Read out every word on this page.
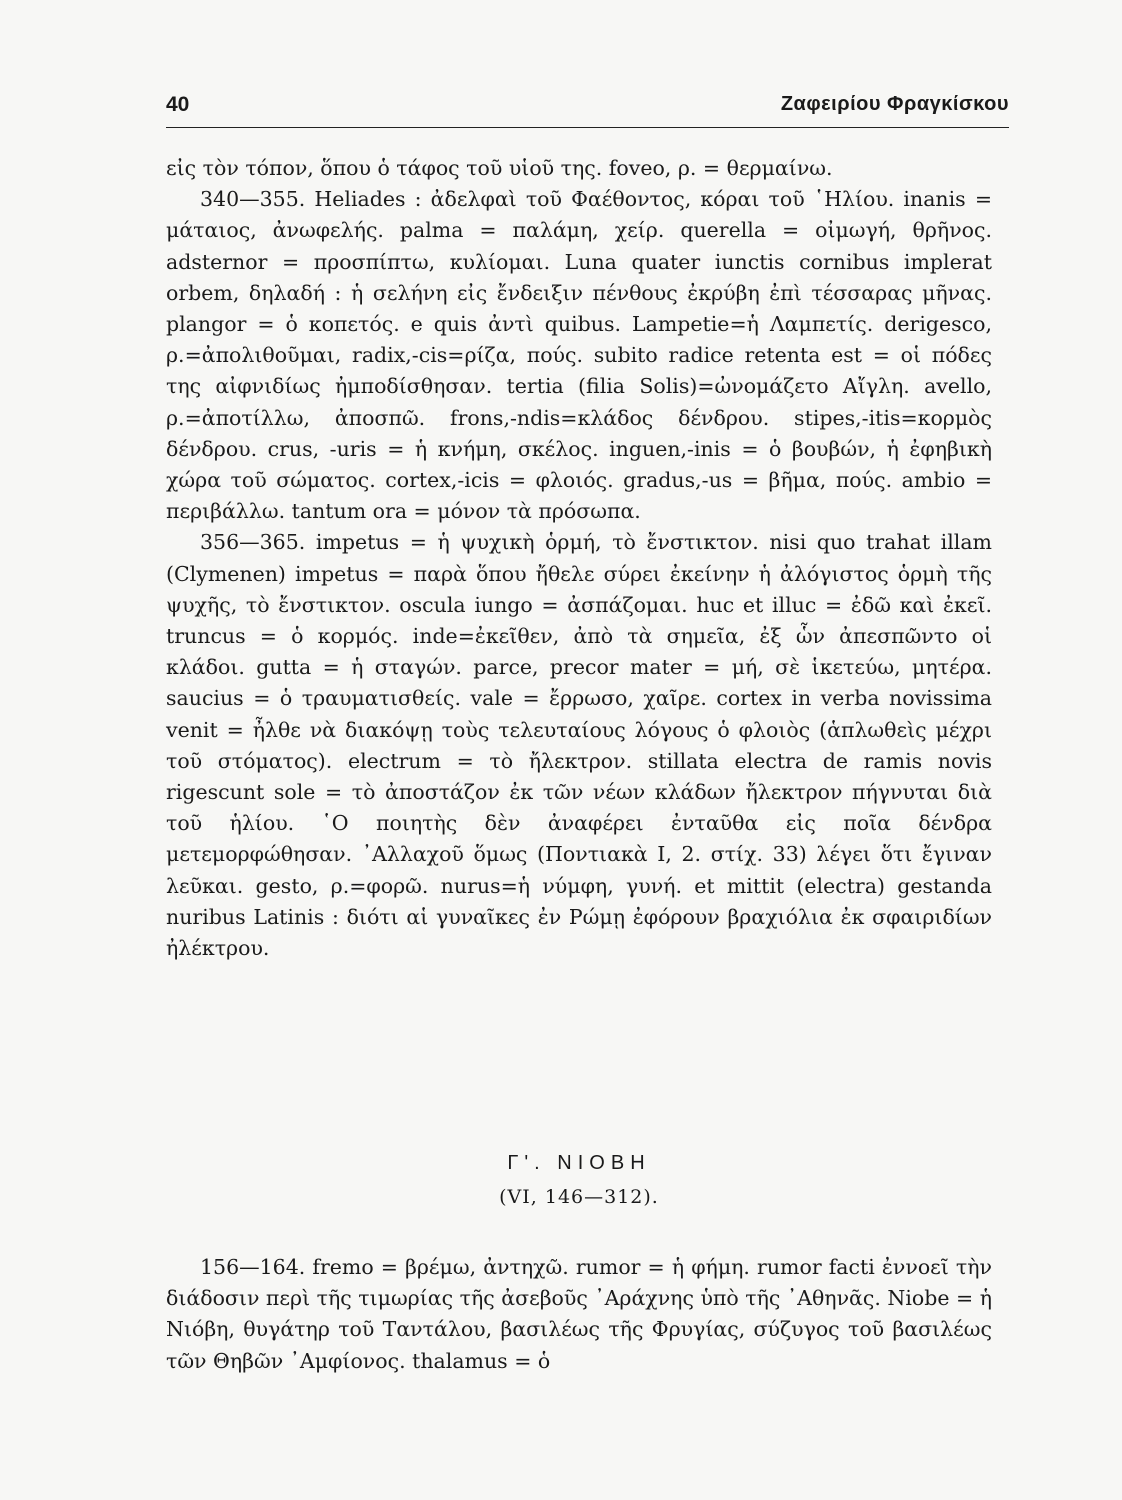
40	Ζαφειρίου Φραγκίσκου

εἰς τὸν τόπον, ὅπου ὁ τάφος τοῦ υἱοῦ της. foveo, ρ. = θερμαίνω.

340—355. Heliades : ἀδελφαὶ τοῦ Φαέθοντος, κόραι τοῦ ῾Ηλίου. inanis = μάταιος, ἀνωφελής. palma = παλάμη, χείρ. querella = οἰμωγή, θρῆνος. adsternor = προσπίπτω, κυλίομαι. Luna quater iunctis cornibus implerat orbem, δηλαδή : ἡ σελήνη εἰς ἔνδειξιν πένθους ἐκρύβη ἐπὶ τέσσαρας μῆνας. plangor = ὁ κοπετός. e quis ἀντὶ quibus. Lampetie=ἡ Λαμπετίς. derigesco, ρ.=ἀπολιθοῦμαι, radix,-cis=ρίζα, πούς. subito radice retenta est = οἱ πόδες της αἰφνιδίως ἠμποδίσθησαν. tertia (filia Solis)=ὠνομάζετο Αἴγλη. avello, ρ.=ἀποτίλλω, ἀποσπῶ. frons,-ndis=κλάδος δένδρου. stipes,-itis=κορμὸς δένδρου. crus, -uris = ἡ κνήμη, σκέλος. inguen,-inis = ὁ βουβών, ἡ ἐφηβικὴ χώρα τοῦ σώματος. cortex,-icis = φλοιός. gradus,-us = βῆμα, πούς. ambio = περιβάλλω. tantum ora = μόνον τὰ πρόσωπα.

356—365. impetus = ἡ ψυχικὴ ὁρμή, τὸ ἔνστικτον. nisi quo trahat illam (Clymenen) impetus = παρὰ ὅπου ἤθελε σύρει ἐκείνην ἡ ἀλόγιστος ὁρμὴ τῆς ψυχῆς, τὸ ἔνστικτον. oscula iungo = ἀσπάζομαι. huc et illuc = ἐδῶ καὶ ἐκεῖ. truncus = ὁ κορμός. inde=ἐκεῖθεν, ἀπὸ τὰ σημεῖα, ἐξ ὧν ἀπεσπῶντο οἱ κλάδοι. gutta = ἡ σταγών. parce, precor mater = μή, σὲ ἱκετεύω, μητέρα. saucius = ὁ τραυματισθείς. vale = ἔρρωσο, χαῖρε. cortex in verba novissima venit = ἦλθε νὰ διακόψῃ τοὺς τελευταίους λόγους ὁ φλοιὸς (ἁπλωθεὶς μέχρι τοῦ στόματος). electrum = τὸ ἤλεκτρον. stillata electra de ramis novis rigescunt sole = τὸ ἀποστάζον ἐκ τῶν νέων κλάδων ἤλεκτρον πήγνυται διὰ τοῦ ἡλίου. ῾Ο ποιητὴς δὲν ἀναφέρει ἐνταῦθα εἰς ποῖα δένδρα μετεμορφώθησαν. ᾿Αλλαχοῦ ὅμως (Ποντιακὰ I, 2. στίχ. 33) λέγει ὅτι ἔγιναν λεῦκαι. gesto, ρ.=φορῶ. nurus=ἡ νύμφη, γυνή. et mittit (electra) gestanda nuribus Latinis : διότι αἱ γυναῖκες ἐν Ρώμῃ ἐφόρουν βραχιόλια ἐκ σφαιριδίων ἠλέκτρου.

Γ'. ΝΙΟΒΗ
(VI, 146—312).

156—164. fremo = βρέμω, ἀντηχῶ. rumor = ἡ φήμη. rumor facti ἐννοεῖ τὴν διάδοσιν περὶ τῆς τιμωρίας τῆς ἀσεβοῦς ᾿Αράχνης ὑπὸ τῆς ᾿Αθηνᾶς. Niobe = ἡ Νιόβη, θυγάτηρ τοῦ Ταντάλου, βασιλέως τῆς Φρυγίας, σύζυγος τοῦ βασιλέως τῶν Θηβῶν ᾿Αμφίονος. thalamus = ὁ
